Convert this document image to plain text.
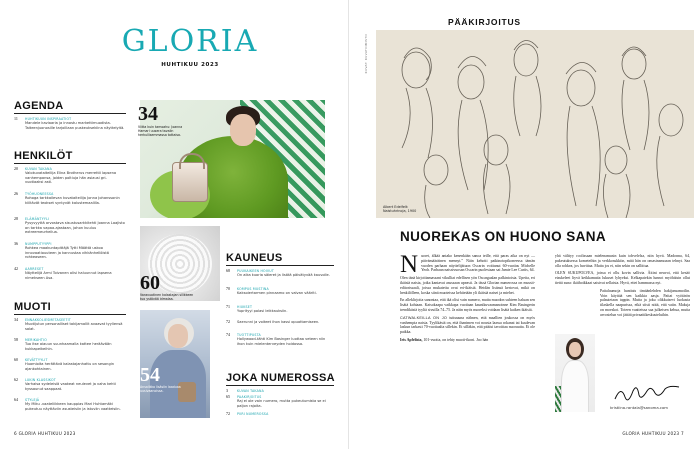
GLORIA
HUHTIKUU 2023
AGENDA
11 HUHTIKUUN INSPIRAATIOT
Mandele kaviaaria ja innostu markettimuodista. Taiteenjuonosille tarjoillaan puskeuksekiina näyttelyitä.
HENKILÖT
20 KUVAN TAKANA
Valokuvataiteilija Elina Brotherus merrettii lapsena vanhempansa, joiden poltiuja hän asiausi gri-vuotiaaksi asti.
26 TYÖHUONEESSA
Rohoga tarkkailevan kuvataiteilija Jonna Johanssonin kiiltävät teokset syntyvät kalustemaalilla.
28 ELÄMÄNTYYLI
Pysyvyyttä arvostava sisustusarkkitehti Joanna Laajisto on tarkka vapaa-ajastaan, johon kuuluu extreemeurheilua.
36 NUMPPUTYYPPI
Rohkea maakuntapittäjä Tytti Määttä uskoo innovaatiouuteen ja kannustaa vihkänhellöistä rohkeaseen.
42 AARRESET
Näyttelijä Armi Toivanen olisi haluunnut lapsena nimekseen Asa.
MUOTI
34 ENNAKKOLIESMETASEETIT
Muotijutun personalliset takijamallit avaavat tyyliensä salat.
58 MERIKAHTIO
Tuo itse aiauun suunhaamalla kattee heräävään kukkapeikeihin.
60 KEVÄTTYYLIT
Huomioita herättävä kalastajanhattu on sesongin ajankohtainen.
62 LUKIN KLASSIKOT
Varhaisa sydeleisiä vaakeat neulevet ja vaha kehti kyssaunut saappaat.
64 STYLEJÄ
My Miku -vaateliikkeen kauppias Mari Huhtamäki pukeutuu näyttäviin asusteisiin ja istuviin vaatteisiin.
KAUNEUS
68 PUUKAIKEEN HOIVUT
On aika kuoria säieret ja lisätä päivätyvää kauvolle.
70 KOMPUS MUSTINA
Kaksoiertarmen pinnaamo on valvan vääriti.
71 HIUKSET
Yuprityyi polasi leikkauksiin.
72 Saerunni ja voiteet ihon kassi opuottamiseen.
74 TUOTTIPUSTA
Hollywood-tähti Kim Basinger luottaa veteen niin ihon kuin mielenterveyden hoidossa.
JOKA NUMEROSSA
3	KUVAN TAKANA
65 PAAKIRJOITUS
Raj ei ole vain numero, mutta pukeutumista se ei paljon rajoita.
72 PIIRI NUMEROSSA
34
Viitta kuin tamoahu: Joanna Hamari uusera tavalin herkullisemmassa tottaisa.
60
Varavuotinen kalastajan silikkeen tuo ystävää idmalaa.
54
Ansalikko lisäsiin laaduaa uusivaanoissa.
6 GLORIA HUHTIKUU 2023
PÄÄKIRJOITUS
KUVAT: KUVATOIMISTO
Albert Edelfelt: Naistuhrinoja, 1900
NUOREKAS ON HUONO SANA
N uoret, älkää antako kenenkään sanoa teille, että paras aika on nyt — päivämääräinen mennyt.” Näin kehotti paikinotopikoneessa tämän vuoden parhaan näyttelijätuon Oscarin voittanut 60-vuotias Michelle Yeoh. Parhaan naissivuosan Oscarin puolestaan sai Jamie Lee Curtis, 64.

Olen tänä kirjoittamassani vikulliat edellisen yön Oscargaalan palkintoista. Upeita, eri ikäisiä naisia, jotka kantavat asussaan upeasti. Ja tässä Glorian numerossa on mussit-editorissaali, joissa mukatettu ovat eri-ikäisiä. Heidän lisänsä kertovat, mikä on henkilölleen, koska siinä muoteissa kehitetään yli ikäisiä naisei ja miehet.

En alleklirjoita sanontaa, että ikä olisi vain numero, mutta muodon suhteen haluan sen lisätä kohtaan. Katsokaapa vaikkapa vuotiaan kaunikuvaamanoinne Kim Basingerin trendikästä tyyliä sivuilla 74–75. Ja näin myös nuoreksi voidaan lisätä kaiken ikäisiä.

CATWALKEILLA ON JO tuttuuuna nähnen, että maallien joukossa on myös vanhempia naisia. Tyylikästä on, että ihanimen voi nousta laassa rokanat tai kuulevan laskun tarkasti 70-vuotiaalta sillekin. Et silläkin, että pitäisi tavoittaa nuoruutta. Ei ole paikka.

Iris Apfelista, 101-vuotta, on tehty muoti-ikoni. Joo hän

yhä välttyy roolissaan mielenamusin kuin tohvelelsa, niin hyvä. Madonna, 64, pukeutuksessa kometeihin ja verkkosukkiin, mitä hän on omasinamoaan tehnyt. Saa olla rohkea, jos huvittaa. Mutta jos ei, niin sekin on sallittua.

OLEN SUKUPOLVEA, joissa ei ollu kovin sallivia. Äitini neuvoi, että kesäö eiaskeleet liyvä keikkamatta lukuset lyhyeksi. Kelkapaiekin lunnot myöhäisin ollut tiettä suna: ikäihoikkaat saisivat sellaista. Hyvä, ettei hammassa nyt.

Paitalaumoja hunttais timäänlehden hakijansamoilin. Voin käyttää sen kaikkia aasja. Paitat vyötärön palautetaan tappin. Mutta ja joku olikkuisevi luokasta tilaskella naapurissa, eikä siisti niitä, että vaiin. Maksja on moeskot. Toteen vaatteissa saa julkeisen kehua, mutta arvostelun voi jättää privaattikeskusteluihin.

kristiina.rantala@sanoma.com
GLORIA HUHTIKUU 2023 7
